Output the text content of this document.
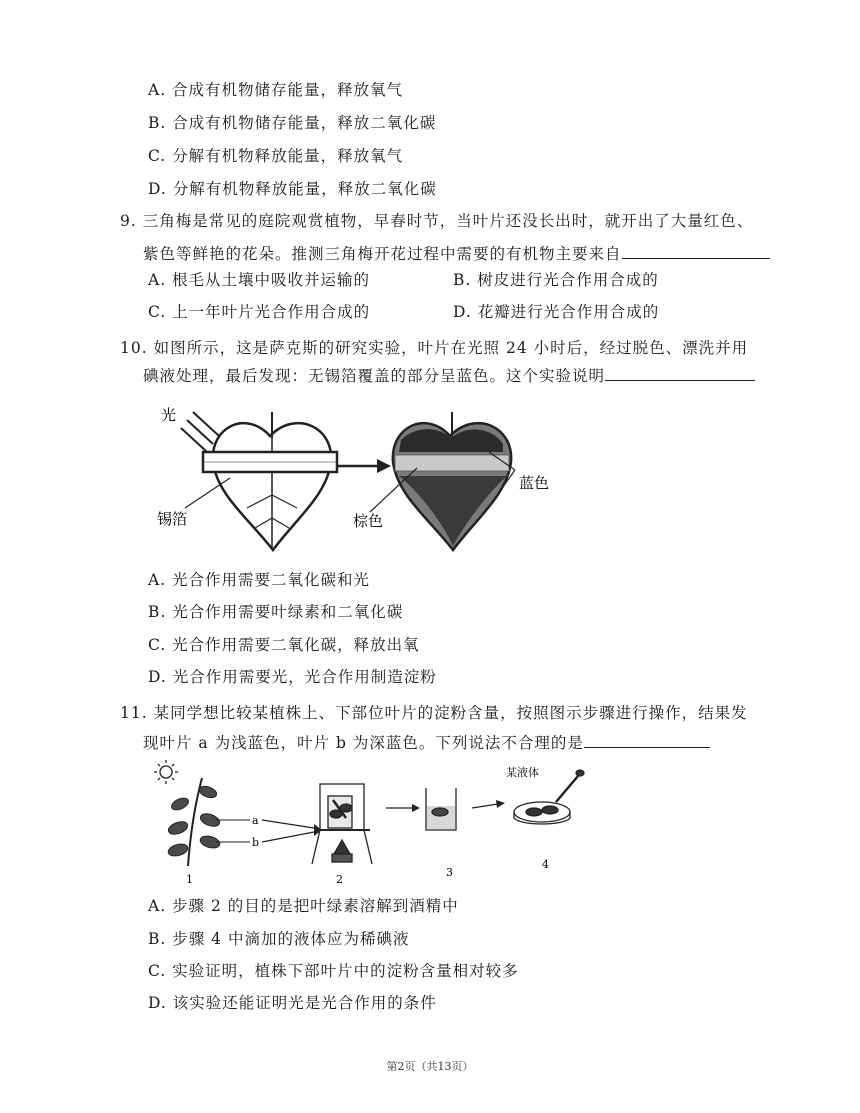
A. 合成有机物储存能量，释放氧气
B. 合成有机物储存能量，释放二氧化碳
C. 分解有机物释放能量，释放氧气
D. 分解有机物释放能量，释放二氧化碳
9. 三角梅是常见的庭院观赏植物，早春时节，当叶片还没长出时，就开出了大量红色、
紫色等鲜艳的花朵。推测三角梅开花过程中需要的有机物主要来自
A. 根毛从土壤中吸收并运输的	B. 树皮进行光合作用合成的
C. 上一年叶片光合作用合成的	D. 花瓣进行光合作用合成的
10. 如图所示，这是萨克斯的研究实验，叶片在光照 24 小时后，经过脱色、漂洗并用
碘液处理，最后发现：无锡箔覆盖的部分呈蓝色。这个实验说明
光
锡箔	棕色
蓝色
A. 光合作用需要二氧化碳和光
B. 光合作用需要叶绿素和二氧化碳
C. 光合作用需要二氧化碳，释放出氧
D. 光合作用需要光，光合作用制造淀粉
11. 某同学想比较某植株上、下部位叶片的淀粉含量，按照图示步骤进行操作，结果发
现叶片 a 为浅蓝色，叶片 b 为深蓝色。下列说法不合理的是
a
b
某液体
1	2
3
4
A. 步骤 2 的目的是把叶绿素溶解到酒精中
B. 步骤 4 中滴加的液体应为稀碘液
C. 实验证明，植株下部叶片中的淀粉含量相对较多
D. 该实验还能证明光是光合作用的条件
第2页（共13页）
